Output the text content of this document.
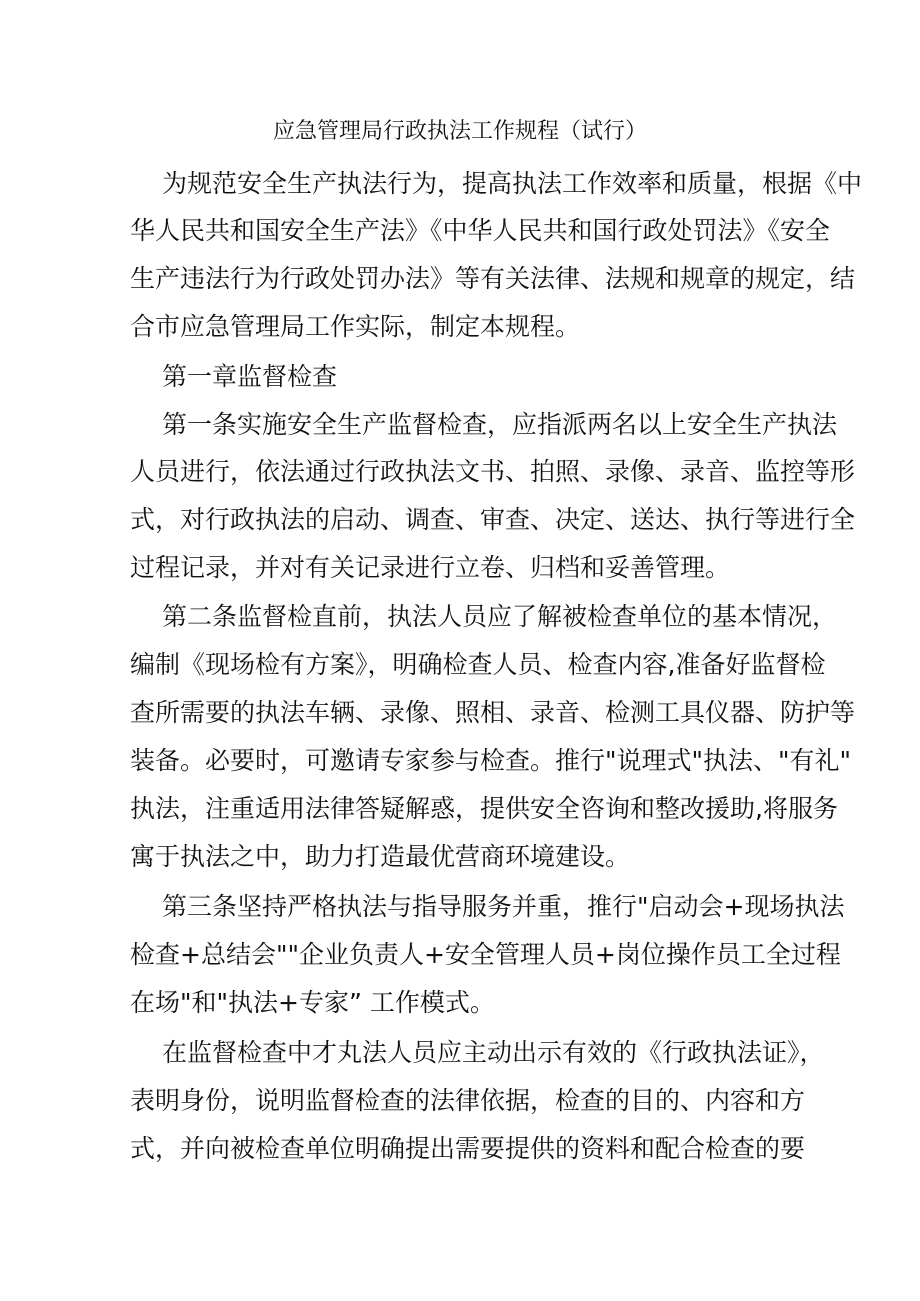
应急管理局行政执法工作规程（试行）
为规范安全生产执法行为，提高执法工作效率和质量，根据《中
华人民共和国安全生产法》《中华人民共和国行政处罚法》《安全
生产违法行为行政处罚办法》等有关法律、法规和规章的规定，结
合市应急管理局工作实际，制定本规程。
第一章监督检查
第一条实施安全生产监督检查，应指派两名以上安全生产执法
人员进行，依法通过行政执法文书、拍照、录像、录音、监控等形
式，对行政执法的启动、调查、审查、决定、送达、执行等进行全
过程记录，并对有关记录进行立卷、归档和妥善管理。
第二条监督检直前，执法人员应了解被检查单位的基本情况，
编制《现场检有方案》，明确检查人员、检查内容,准备好监督检
查所需要的执法车辆、录像、照相、录音、检测工具仪器、防护等
装备。必要时，可邀请专家参与检查。推行"说理式"执法、"有礼"
执法，注重适用法律答疑解惑，提供安全咨询和整改援助,将服务
寓于执法之中，助力打造最优营商环境建设。
第三条坚持严格执法与指导服务并重，推行"启动会+现场执法
检查+总结会""企业负责人+安全管理人员+岗位操作员工全过程
在场"和"执法+专家” 工作模式。
在监督检查中才丸法人员应主动出示有效的《行政执法证》，
表明身份，说明监督检查的法律依据，检查的目的、内容和方
式，并向被检查单位明确提出需要提供的资料和配合检查的要
